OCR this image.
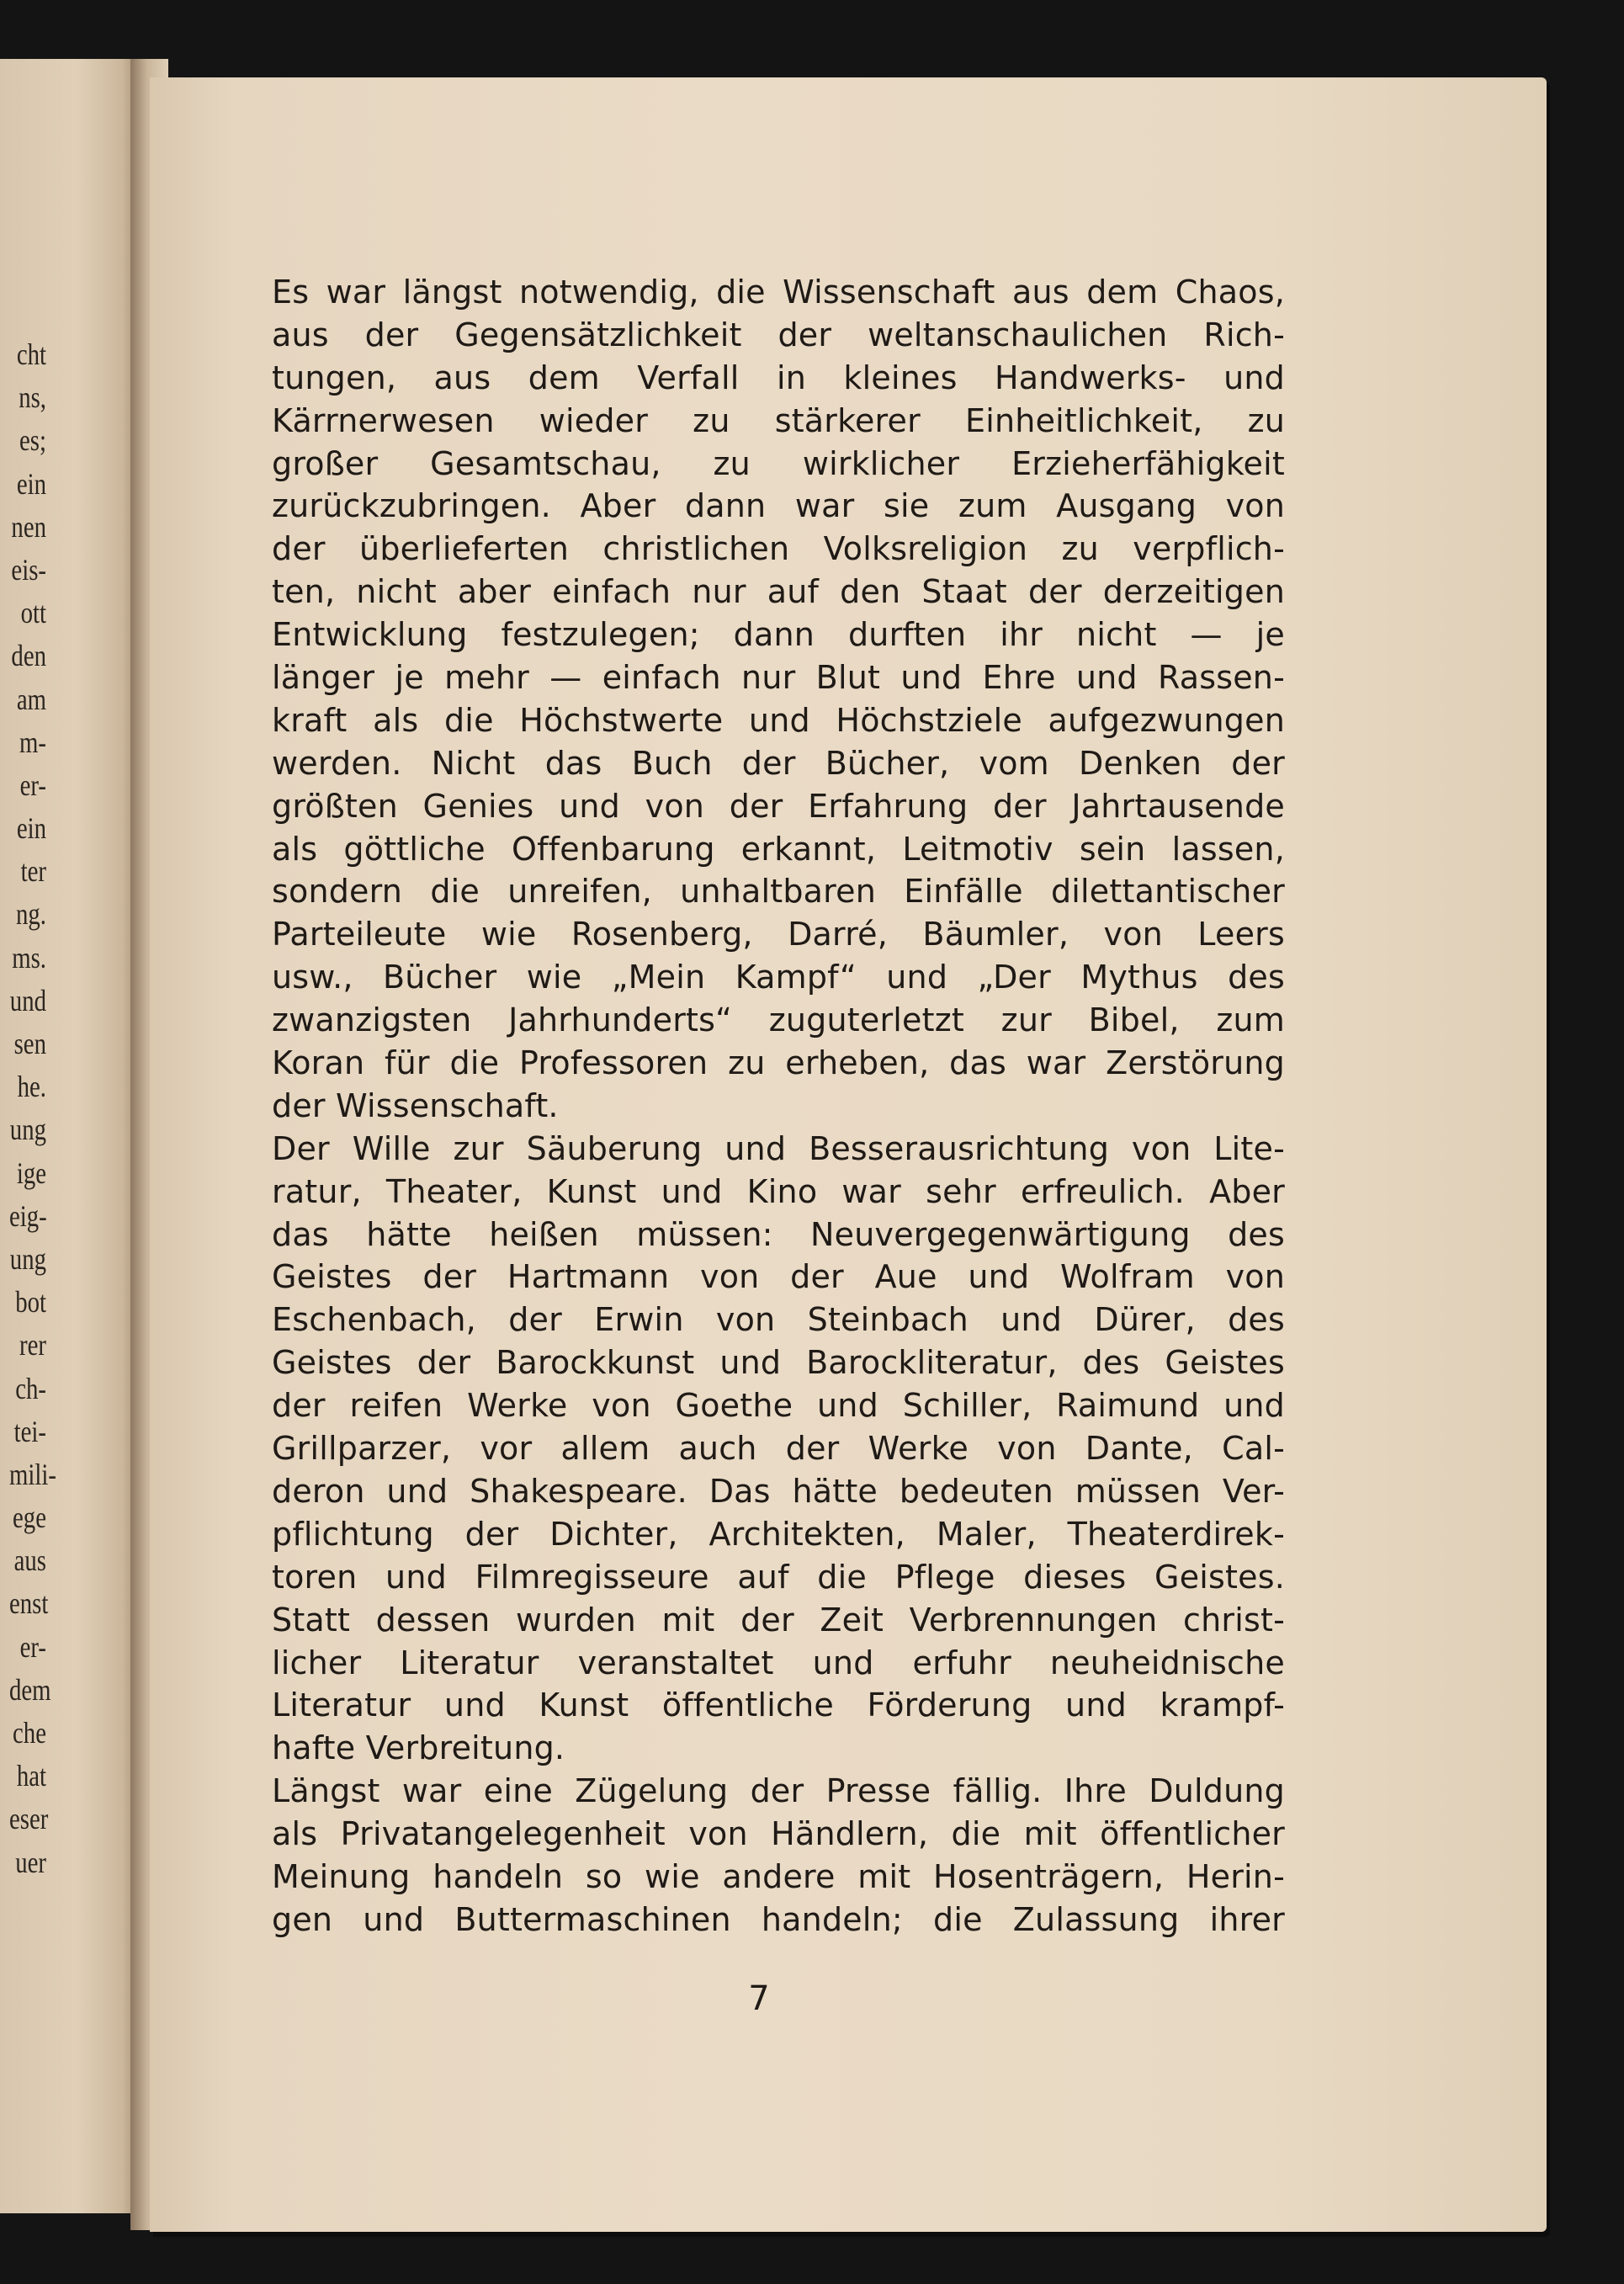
cht
ns,
es;
ein
nen
eis-
ott
den
am
m-
er-
ein
ter
ng.
ms.
und
sen
he.
ung
ige
eig-
ung
bot
rer
ch-
tei-
mili-
ege
aus
enst
er-
dem
che
hat
eser
uer
Es war längst notwendig, die Wissenschaft aus dem Chaos,
aus der Gegensätzlichkeit der weltanschaulichen Rich-
tungen, aus dem Verfall in kleines Handwerks- und
Kärrnerwesen wieder zu stärkerer Einheitlichkeit, zu
großer Gesamtschau, zu wirklicher Erzieherfähigkeit
zurückzubringen. Aber dann war sie zum Ausgang von
der überlieferten christlichen Volksreligion zu verpflich-
ten, nicht aber einfach nur auf den Staat der derzeitigen
Entwicklung festzulegen; dann durften ihr nicht — je
länger je mehr — einfach nur Blut und Ehre und Rassen-
kraft als die Höchstwerte und Höchstziele aufgezwungen
werden. Nicht das Buch der Bücher, vom Denken der
größten Genies und von der Erfahrung der Jahrtausende
als göttliche Offenbarung erkannt, Leitmotiv sein lassen,
sondern die unreifen, unhaltbaren Einfälle dilettantischer
Parteileute wie Rosenberg, Darré, Bäumler, von Leers
usw., Bücher wie „Mein Kampf“ und „Der Mythus des
zwanzigsten Jahrhunderts“ zuguterletzt zur Bibel, zum
Koran für die Professoren zu erheben, das war Zerstörung
der Wissenschaft.
Der Wille zur Säuberung und Besserausrichtung von Lite-
ratur, Theater, Kunst und Kino war sehr erfreulich. Aber
das hätte heißen müssen: Neuvergegenwärtigung des
Geistes der Hartmann von der Aue und Wolfram von
Eschenbach, der Erwin von Steinbach und Dürer, des
Geistes der Barockkunst und Barockliteratur, des Geistes
der reifen Werke von Goethe und Schiller, Raimund und
Grillparzer, vor allem auch der Werke von Dante, Cal-
deron und Shakespeare. Das hätte bedeuten müssen Ver-
pflichtung der Dichter, Architekten, Maler, Theaterdirek-
toren und Filmregisseure auf die Pflege dieses Geistes.
Statt dessen wurden mit der Zeit Verbrennungen christ-
licher Literatur veranstaltet und erfuhr neuheidnische
Literatur und Kunst öffentliche Förderung und krampf-
hafte Verbreitung.
Längst war eine Zügelung der Presse fällig. Ihre Duldung
als Privatangelegenheit von Händlern, die mit öffentlicher
Meinung handeln so wie andere mit Hosenträgern, Herin-
gen und Buttermaschinen handeln; die Zulassung ihrer
7
